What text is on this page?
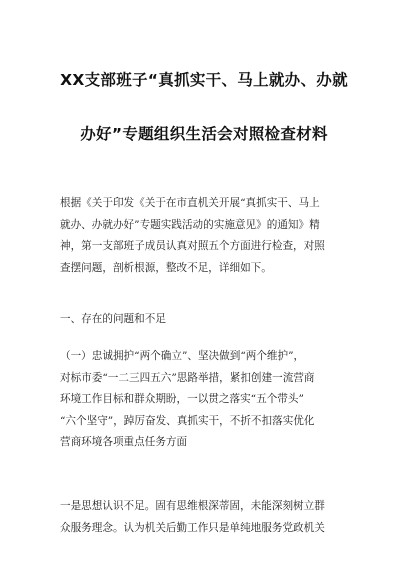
XX支部班子“真抓实干、马上就办、办就
办好”专题组织生活会对照检查材料
根据《关于印发《关于在市直机关开展“真抓实干、马上
就办、办就办好”专题实践活动的实施意见》的通知》精
神，第一支部班子成员认真对照五个方面进行检查，对照
查摆问题，剖析根源，整改不足，详细如下。
一、存在的问题和不足
（一）忠诚拥护“两个确立”、坚决做到“两个维护”，
对标市委“一二三四五六”思路举措，紧扣创建一流营商
环境工作目标和群众期盼，一以贯之落实“五个带头”
“六个坚守”，踔厉奋发、真抓实干，不折不扣落实优化
营商环境各项重点任务方面
一是思想认识不足。固有思维根深蒂固，未能深刻树立群
众服务理念。认为机关后勤工作只是单纯地服务党政机关
